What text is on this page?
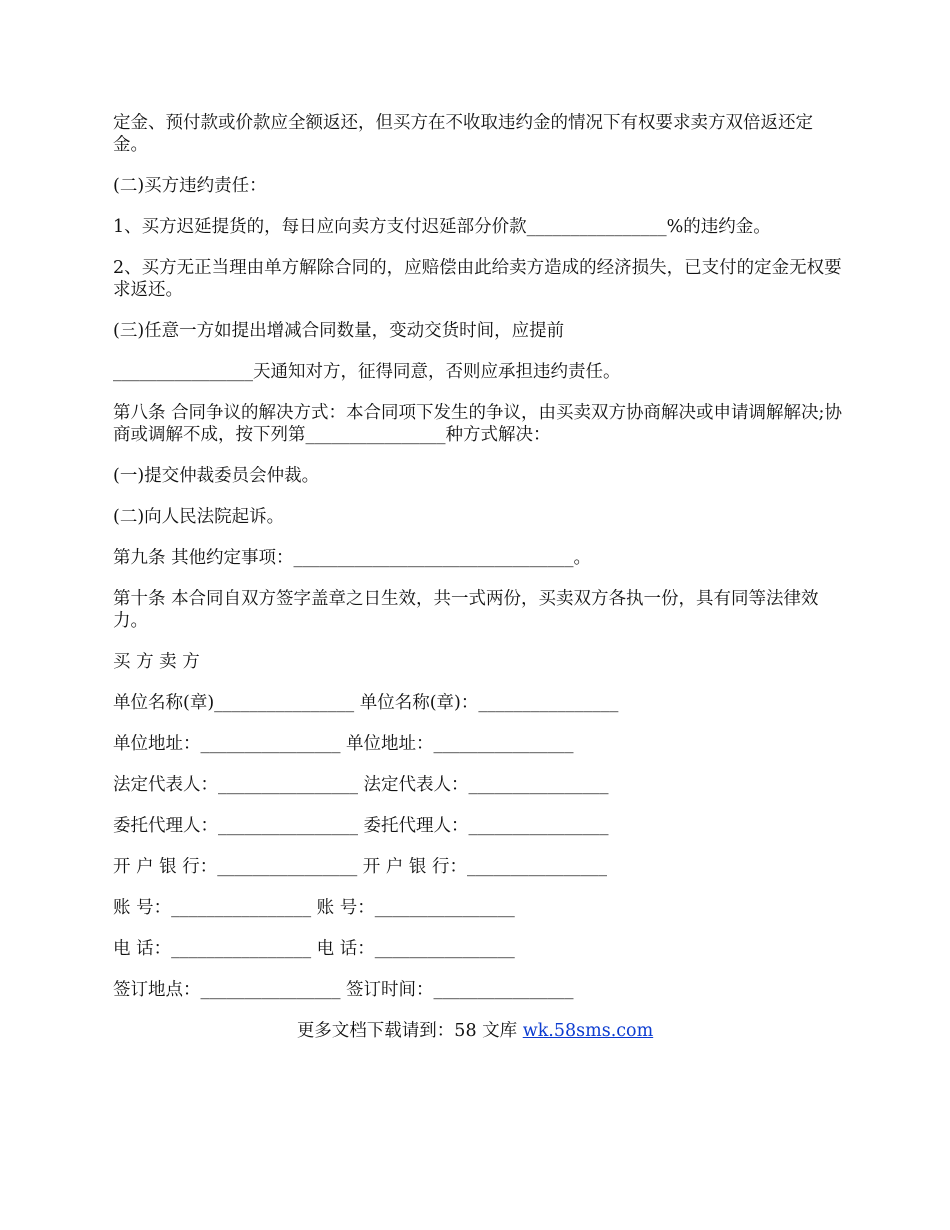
定金、预付款或价款应全额返还，但买方在不收取违约金的情况下有权要求卖方双倍返还定金。

(二)买方违约责任：

1、买方迟延提货的，每日应向卖方支付迟延部分价款________________%的违约金。

2、买方无正当理由单方解除合同的，应赔偿由此给卖方造成的经济损失，已支付的定金无权要求返还。

(三)任意一方如提出增减合同数量，变动交货时间，应提前

________________天通知对方，征得同意，否则应承担违约责任。

第八条 合同争议的解决方式：本合同项下发生的争议，由买卖双方协商解决或申请调解解决;协商或调解不成，按下列第________________种方式解决：

(一)提交仲裁委员会仲裁。

(二)向人民法院起诉。

第九条 其他约定事项：________________________________。

第十条 本合同自双方签字盖章之日生效，共一式两份，买卖双方各执一份，具有同等法律效力。

买 方 卖 方

单位名称(章)________________ 单位名称(章)：________________

单位地址：________________ 单位地址：________________

法定代表人：________________ 法定代表人：________________

委托代理人：________________ 委托代理人：________________

开 户 银 行：________________ 开 户 银 行：________________

账 号：________________ 账 号：________________

电 话：________________ 电 话：________________

签订地点：________________ 签订时间：________________

更多文档下载请到：58 文库 wk.58sms.com
